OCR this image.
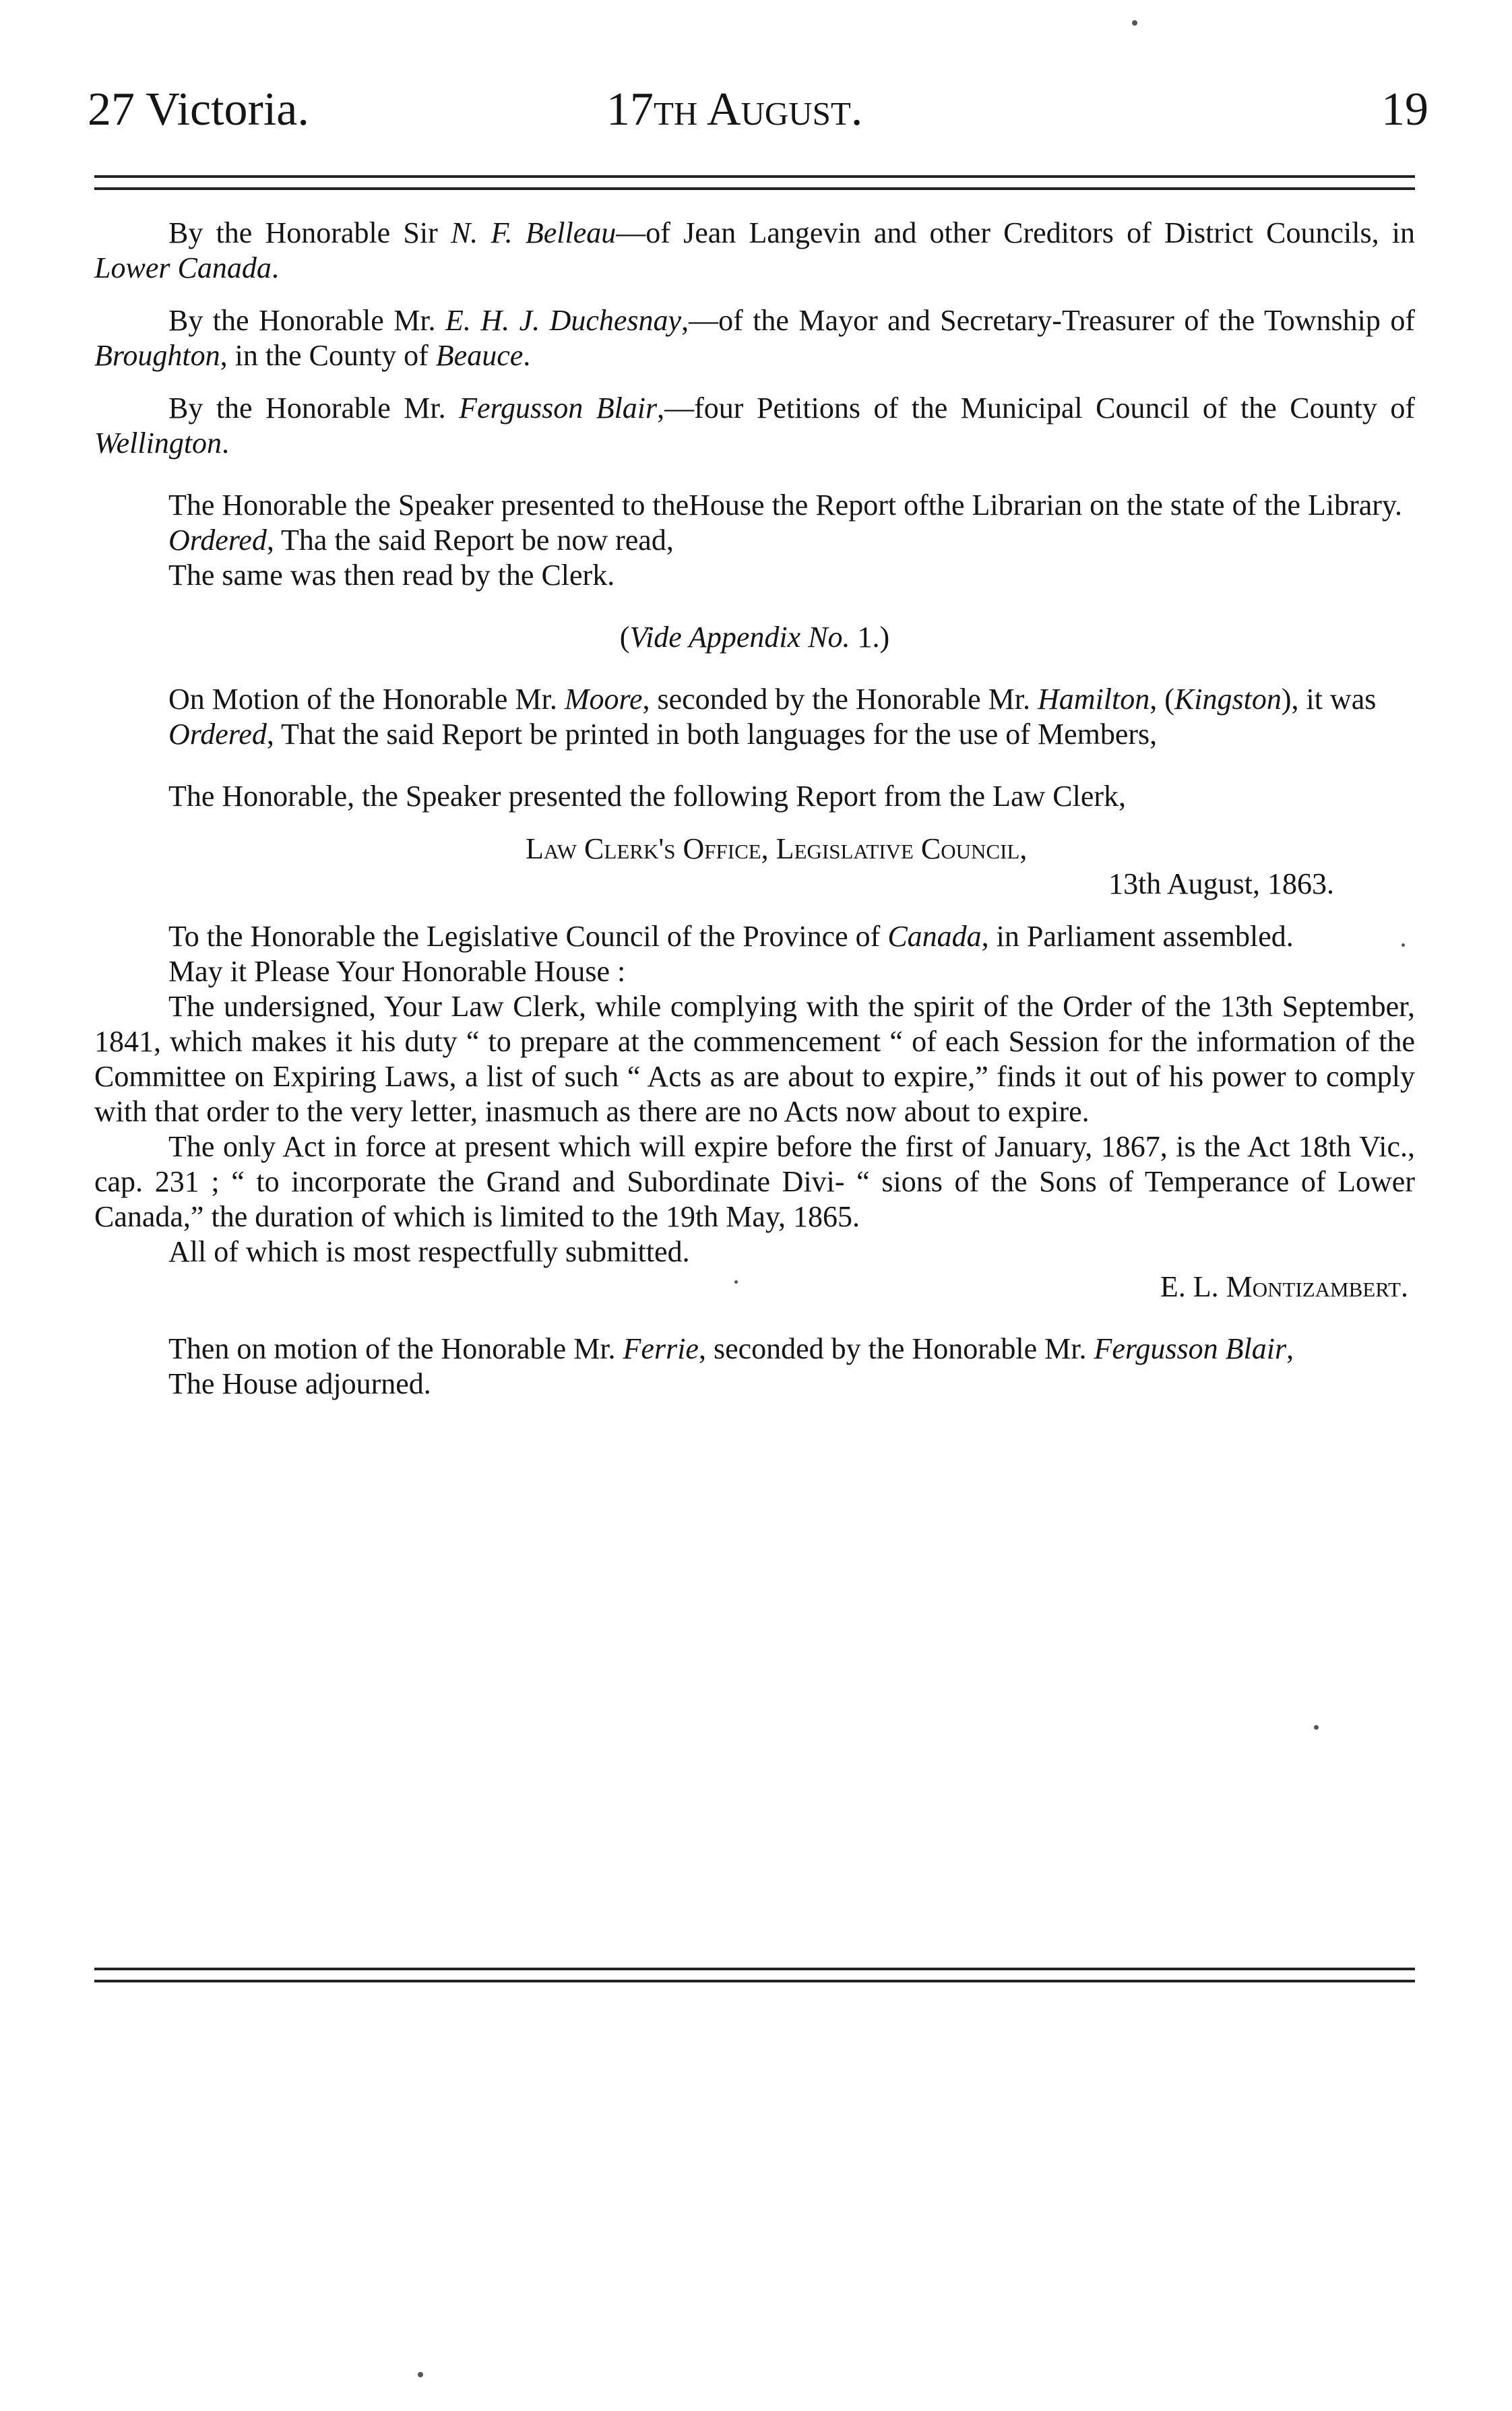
27 Victoria.	17th August.	19

By the Honorable Sir N. F. Belleau—of Jean Langevin and other Creditors of District Councils, in Lower Canada.

By the Honorable Mr. E. H. J. Duchesnay,—of the Mayor and Secretary-Treasurer of the Township of Broughton, in the County of Beauce.

By the Honorable Mr. Fergusson Blair,—four Petitions of the Municipal Council of the County of Wellington.

The Honorable the Speaker presented to theHouse the Report ofthe Librarian on the state of the Library.

Ordered, Tha the said Report be now read,

The same was then read by the Clerk.

(Vide Appendix No. 1.)

On Motion of the Honorable Mr. Moore, seconded by the Honorable Mr. Hamilton, (Kingston), it was

Ordered, That the said Report be printed in both languages for the use of Members,

The Honorable, the Speaker presented the following Report from the Law Clerk,

Law Clerk's Office, Legislative Council,

13th August, 1863.

To the Honorable the Legislative Council of the Province of Canada, in Parliament assembled.

May it Please Your Honorable House :

The undersigned, Your Law Clerk, while complying with the spirit of the Order of the 13th September, 1841, which makes it his duty “ to prepare at the commencement “ of each Session for the information of the Committee on Expiring Laws, a list of such “ Acts as are about to expire,” finds it out of his power to comply with that order to the very letter, inasmuch as there are no Acts now about to expire.

The only Act in force at present which will expire before the first of January, 1867, is the Act 18th Vic., cap. 231 ; “ to incorporate the Grand and Subordinate Divi- “ sions of the Sons of Temperance of Lower Canada,” the duration of which is limited to the 19th May, 1865.

All of which is most respectfully submitted.

E. L. Montizambert.

Then on motion of the Honorable Mr. Ferrie, seconded by the Honorable Mr. Fergusson Blair,

The House adjourned.
